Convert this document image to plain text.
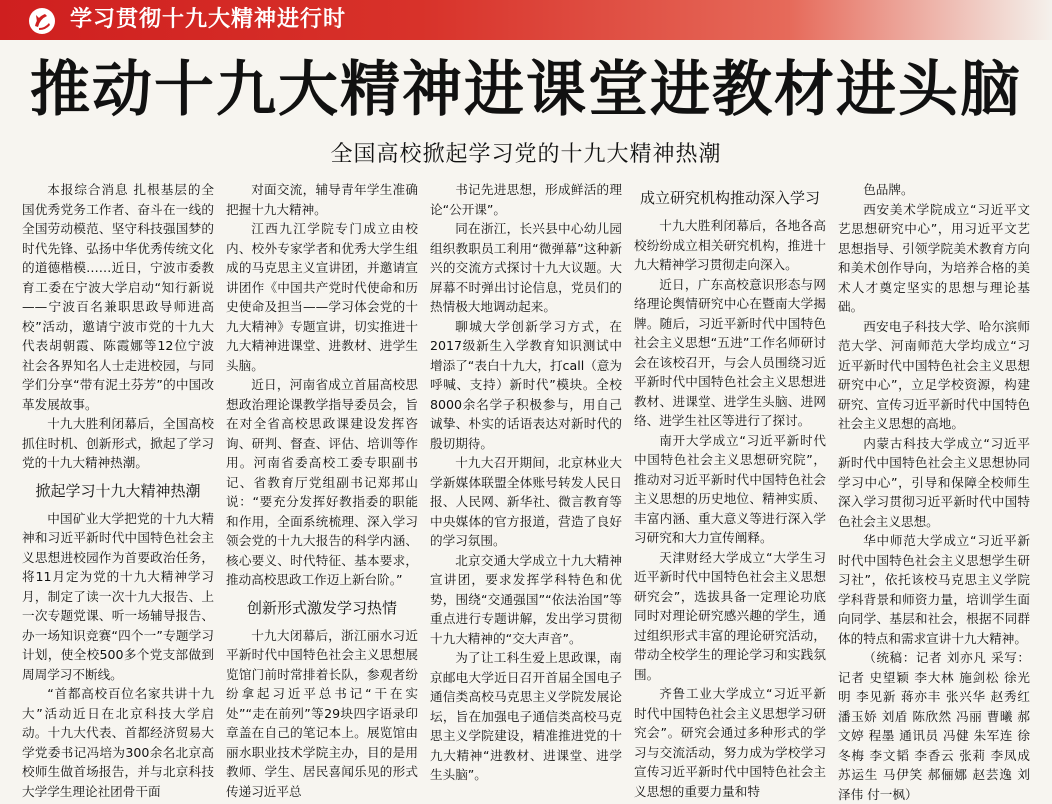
学习贯彻十九大精神进行时
推动十九大精神进课堂进教材进头脑
全国高校掀起学习党的十九大精神热潮

本报综合消息 扎根基层的全国优秀党务工作者、奋斗在一线的全国劳动模范、坚守科技强国梦的时代先锋、弘扬中华优秀传统文化的道德楷模……近日，宁波市委教育工委在宁波大学启动“知行新说——宁波百名兼职思政导师进高校”活动，邀请宁波市党的十九大代表胡朝霞、陈霞娜等12位宁波社会各界知名人士走进校园，与同学们分享“带有泥土芬芳”的中国改革发展故事。

十九大胜利闭幕后，全国高校抓住时机、创新形式，掀起了学习党的十九大精神热潮。

掀起学习十九大精神热潮

中国矿业大学把党的十九大精神和习近平新时代中国特色社会主义思想进校园作为首要政治任务，将11月定为党的十九大精神学习月，制定了读一次十九大报告、上一次专题党课、听一场辅导报告、办一场知识竞赛“四个一”专题学习计划，使全校500多个党支部做到周周学习不断线。

“首都高校百位名家共讲十九大”活动近日在北京科技大学启动。十九大代表、首都经济贸易大学党委书记冯培为300余名北京高校师生做首场报告，并与北京科技大学学生理论社团骨干面

对面交流，辅导青年学生准确把握十九大精神。

江西九江学院专门成立由校内、校外专家学者和优秀大学生组成的马克思主义宣讲团，并邀请宣讲团作《中国共产党时代使命和历史使命及担当——学习体会党的十九大精神》专题宣讲，切实推进十九大精神进课堂、进教材、进学生头脑。

近日，河南省成立首届高校思想政治理论课教学指导委员会，旨在对全省高校思政课建设发挥咨询、研判、督查、评估、培训等作用。河南省委高校工委专职副书记、省教育厅党组副书记郑邦山说：“要充分发挥好教指委的职能和作用，全面系统梳理、深入学习领会党的十九大报告的科学内涵、核心要义、时代特征、基本要求，推动高校思政工作迈上新台阶。”

创新形式激发学习热情

十九大闭幕后，浙江丽水习近平新时代中国特色社会主义思想展览馆门前时常排着长队，参观者纷纷拿起习近平总书记“干在实处”“走在前列”等29块四字语录印章盖在自己的笔记本上。展览馆由丽水职业技术学院主办，目的是用教师、学生、居民喜闻乐见的形式传递习近平总

书记先进思想，形成鲜活的理论“公开课”。

同在浙江，长兴县中心幼儿园组织教职员工利用“微弹幕”这种新兴的交流方式探讨十九大议题。大屏幕不时弹出讨论信息，党员们的热情极大地调动起来。

聊城大学创新学习方式，在2017级新生入学教育知识测试中增添了“表白十九大，打call（意为呼喊、支持）新时代”模块。全校8000余名学子积极参与，用自己诚挚、朴实的话语表达对新时代的殷切期待。

十九大召开期间，北京林业大学新媒体联盟全体账号转发人民日报、人民网、新华社、微言教育等中央媒体的官方报道，营造了良好的学习氛围。

北京交通大学成立十九大精神宣讲团，要求发挥学科特色和优势，围绕“交通强国”“依法治国”等重点进行专题讲解，发出学习贯彻十九大精神的“交大声音”。

为了让工科生爱上思政课，南京邮电大学近日召开首届全国电子通信类高校马克思主义学院发展论坛，旨在加强电子通信类高校马克思主义学院建设，精准推进党的十九大精神“进教材、进课堂、进学生头脑”。

成立研究机构推动深入学习

十九大胜利闭幕后，各地各高校纷纷成立相关研究机构，推进十九大精神学习贯彻走向深入。

近日，广东高校意识形态与网络理论舆情研究中心在暨南大学揭牌。随后，习近平新时代中国特色社会主义思想“五进”工作名师研讨会在该校召开，与会人员围绕习近平新时代中国特色社会主义思想进教材、进课堂、进学生头脑、进网络、进学生社区等进行了探讨。

南开大学成立“习近平新时代中国特色社会主义思想研究院”，推动对习近平新时代中国特色社会主义思想的历史地位、精神实质、丰富内涵、重大意义等进行深入学习研究和大力宣传阐释。

天津财经大学成立“大学生习近平新时代中国特色社会主义思想研究会”，选拔具备一定理论功底同时对理论研究感兴趣的学生，通过组织形式丰富的理论研究活动，带动全校学生的理论学习和实践氛围。

齐鲁工业大学成立“习近平新时代中国特色社会主义思想学习研究会”。研究会通过多种形式的学习与交流活动，努力成为学校学习宣传习近平新时代中国特色社会主义思想的重要力量和特

色品牌。

西安美术学院成立“习近平文艺思想研究中心”，用习近平文艺思想指导、引领学院美术教育方向和美术创作导向，为培养合格的美术人才奠定坚实的思想与理论基础。

西安电子科技大学、哈尔滨师范大学、河南师范大学均成立“习近平新时代中国特色社会主义思想研究中心”，立足学校资源，构建研究、宣传习近平新时代中国特色社会主义思想的高地。

内蒙古科技大学成立“习近平新时代中国特色社会主义思想协同学习中心”，引导和保障全校师生深入学习贯彻习近平新时代中国特色社会主义思想。

华中师范大学成立“习近平新时代中国特色社会主义思想学生研习社”，依托该校马克思主义学院学科背景和师资力量，培训学生面向同学、基层和社会，根据不同群体的特点和需求宣讲十九大精神。

（统稿：记者 刘亦凡 采写：记者 史望颖 李大林 施剑松 徐光明 李见新 蒋亦丰 张兴华 赵秀红 潘玉娇 刘盾 陈欣然 冯丽 曹曦 郝文婷 程墨 通讯员 冯健 朱军连 徐冬梅 李文韬 李香云 张莉 李凤成 苏运生 马伊笑 郝俪娜 赵芸逸 刘泽伟 付一枫）
